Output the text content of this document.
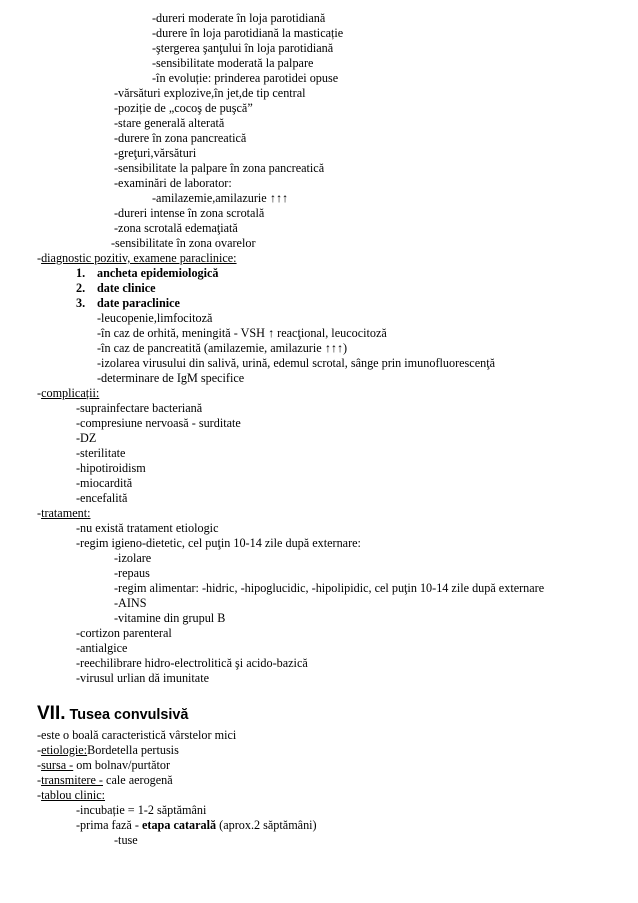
-dureri moderate în loja parotidiană
-durere în loja parotidiană la masticație
-ştergerea şanţului în loja parotidiană
-sensibilitate moderată la palpare
-în evoluție: prinderea parotidei opuse
-vărsături explozive,în jet,de tip central
-poziție de „cocoş de puşcă”
-stare generală alterată
-durere în zona pancreatică
-greţuri,vărsături
-sensibilitate la palpare în zona pancreatică
-examinări de laborator:
-amilazemie,amilazurie ↑↑↑
-dureri intense în zona scrotală
-zona scrotală edemaţiată
-sensibilitate în zona ovarelor
-diagnostic pozitiv, examene paraclinice:
1. ancheta epidemiologică
2. date clinice
3. date paraclinice
-leucopenie,limfocitoză
-în caz de orhită, meningită - VSH ↑ reacţional, leucocitoză
-în caz de pancreatită (amilazemie, amilazurie ↑↑↑)
-izolarea virusului din salivă, urină, edemul scrotal, sânge prin imunofluorescenţă
-determinare de IgM specifice
-complicații:
-suprainfectare bacteriană
-compresiune nervoasă - surditate
-DZ
-sterilitate
-hipotiroidism
-miocardită
-encefalită
-tratament:
-nu există tratament etiologic
-regim igieno-dietetic, cel puţin 10-14 zile după externare:
-izolare
-repaus
-regim alimentar: -hidric, -hipoglucidic, -hipolipidic, cel puţin 10-14 zile după externare
-AINS
-vitamine din grupul B
-cortizon parenteral
-antialgice
-reechilibrare hidro-electrolitică şi acido-bazică
-virusul urlian dă imunitate
VII. Tusea convulsivă
-este o boală caracteristică vârstelor mici
-etiologie:Bordetella pertusis
-sursa - om bolnav/purtător
-transmitere - cale aerogenă
-tablou clinic:
-incubație = 1-2 săptămâni
-prima fază - etapa catarală (aprox.2 săptămâni)
-tuse
